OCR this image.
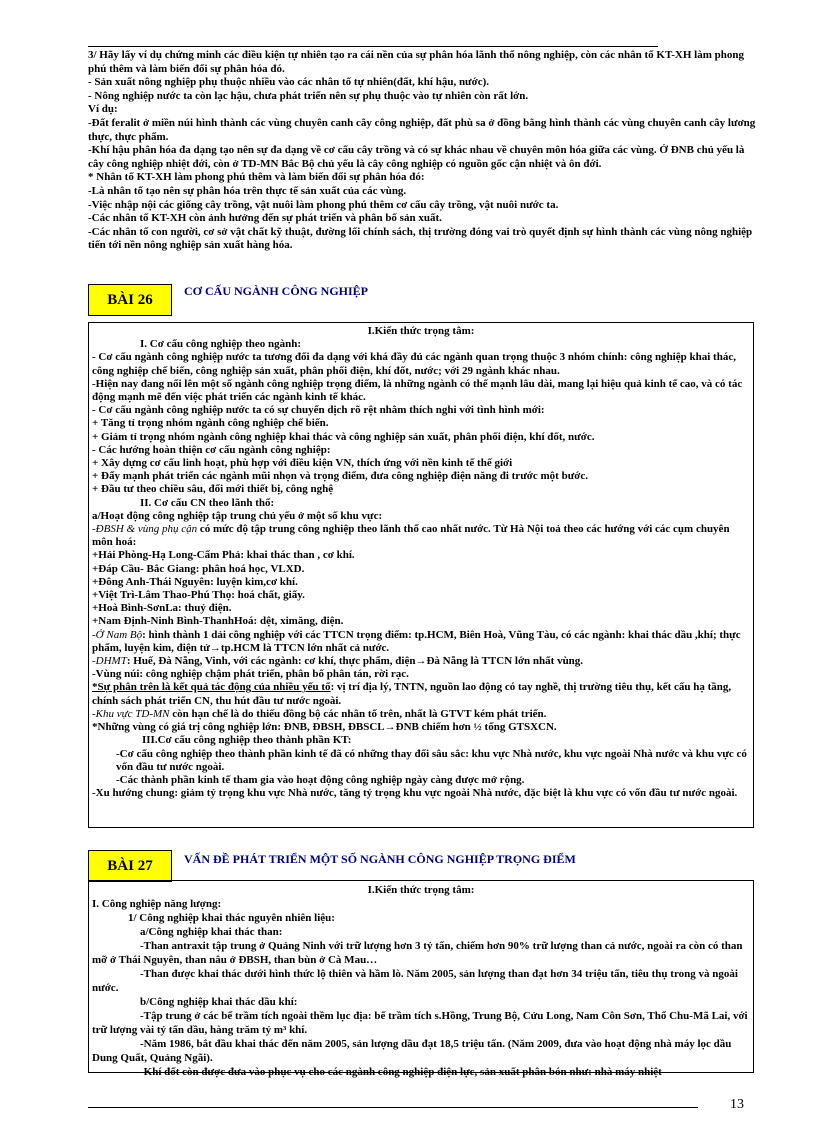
3/ Hãy lấy ví dụ chứng minh các điều kiện tự nhiên tạo ra cái nền của sự phân hóa lãnh thổ nông nghiệp, còn các nhân tố KT-XH làm phong phú thêm và làm biến đổi sự phân hóa đó.

- Sản xuất nông nghiệp phụ thuộc nhiều vào các nhân tố tự nhiên(đất, khí hậu, nước).

- Nông nghiệp nước ta còn lạc hậu, chưa phát triển nên sự phụ thuộc vào tự nhiên còn rất lớn.

Ví dụ:

-Đất feralit ở miền núi hình thành các vùng chuyên canh cây công nghiệp, đất phù sa ở đồng bằng hình thành các vùng chuyên canh cây lương thực, thực phẩm.

-Khí hậu phân hóa đa dạng tạo nên sự đa dạng về cơ cấu cây trồng và có sự khác nhau về chuyên môn hóa giữa các vùng. Ở ĐNB chủ yếu là cây công nghiệp nhiệt đới, còn ở TD-MN Bắc Bộ chủ yếu là cây công nghiệp có nguồn gốc cận nhiệt và ôn đới.

* Nhân tố KT-XH làm phong phú thêm và làm biến đổi sự phân hóa đó:

-Là nhân tố tạo nên sự phân hóa trên thực tế sản xuất của các vùng.

-Việc nhập nội các giống cây trồng, vật nuôi làm phong phú thêm cơ cấu cây trồng, vật nuôi nước ta.

-Các nhân tố KT-XH còn ảnh hưởng đến sự phát triển và phân bố sản xuất.

-Các nhân tố con người, cơ sở vật chất kỹ thuật, đường lối chính sách, thị trường đóng vai trò quyết định sự hình thành các vùng nông nghiệp tiến tới nền nông nghiệp sản xuất hàng hóa.

BÀI 26
CƠ CẤU NGÀNH CÔNG NGHIỆP

I.Kiến thức trọng tâm:

I. Cơ cấu công nghiệp theo ngành:

- Cơ cấu ngành công nghiệp nước ta tương đối đa dạng với khá đầy đủ các ngành quan trọng thuộc 3 nhóm chính: công nghiệp khai thác, công nghiệp chế biến, công nghiệp sản xuất, phân phối điện, khí đốt, nước; với 29 ngành khác nhau.

-Hiện nay đang nổi lên một số ngành công nghiệp trọng điểm, là những ngành có thế mạnh lâu dài, mang lại hiệu quả kinh tế cao, và có tác động mạnh mẽ đến việc phát triển các ngành kinh tế khác.

- Cơ cấu ngành công nghiệp nước ta có sự chuyển dịch rõ rệt nhằm thích nghi với tình hình mới:

+ Tăng tỉ trọng nhóm ngành công nghiệp chế biến.

+ Giảm tỉ trọng nhóm ngành công nghiệp khai thác và công nghiệp sản xuất, phân phối điện, khí đốt, nước.

- Các hướng hoàn thiện cơ cấu ngành công nghiệp:

+ Xây dựng cơ cấu linh hoạt, phù hợp với điều kiện VN, thích ứng với nền kinh tế thế giới

+ Đẩy mạnh phát triển các ngành mũi nhọn và trọng điểm, đưa công nghiệp điện năng đi trước một bước.

+ Đầu tư theo chiều sâu, đổi mới thiết bị, công nghệ

II. Cơ cấu CN theo lãnh thổ:

a/Hoạt động công nghiệp tập trung chủ yếu ở một số khu vực:

-ĐBSH & vùng phụ cận có mức độ tập trung công nghiệp theo lãnh thổ cao nhất nước. Từ Hà Nội toả theo các hướng với các cụm chuyên môn hoá:

+Hải Phòng-Hạ Long-Cẩm Phả: khai thác than , cơ khí.

+Đáp Cầu- Bắc Giang: phân hoá học, VLXD.

+Đông Anh-Thái Nguyên: luyện kim,cơ khí.

+Việt Trì-Lâm Thao-Phú Thọ: hoá chất, giấy.

+Hoà Bình-SơnLa: thuỷ điện.

+Nam Định-Ninh Bình-ThanhHoá: dệt, ximăng, điện.

-Ở Nam Bộ: hình thành 1 dải công nghiệp với các TTCN trọng điểm: tp.HCM, Biên Hoà, Vũng Tàu, có các ngành: khai thác dầu ,khí; thực phẩm, luyện kim, điện tử→tp.HCM là TTCN lớn nhất cả nước.

-DHMT: Huế, Đà Nẵng, Vinh, với các ngành: cơ khí, thực phẩm, điện→Đà Nẵng là TTCN lớn nhất vùng.

-Vùng núi: công nghiệp chậm phát triển, phân bố phân tán, rời rạc.

*Sự phân trên là kết quả tác động của nhiều yếu tố: vị trí địa lý, TNTN, nguồn lao động có tay nghề, thị trường tiêu thụ, kết cấu hạ tầng, chính sách phát triển CN, thu hút đầu tư nước ngoài.

-Khu vực TD-MN còn hạn chế là do thiếu đồng bộ các nhân tố trên, nhất là GTVT kém phát triển.

*Những vùng có giá trị công nghiệp lớn: ĐNB, ĐBSH, ĐBSCL→ĐNB chiếm hơn ½ tổng GTSXCN.

III.Cơ cấu công nghiệp theo thành phần KT:

-Cơ cấu công nghiệp theo thành phần kinh tế đã có những thay đổi sâu sắc: khu vực Nhà nước, khu vực ngoài Nhà nước và khu vực có vốn đầu tư nước ngoài.

-Các thành phần kinh tế tham gia vào hoạt động công nghiệp ngày càng được mở rộng.

-Xu hướng chung: giảm tỷ trọng khu vực Nhà nước, tăng tỷ trọng khu vực ngoài Nhà nước, đặc biệt là khu vực có vốn đầu tư nước ngoài.

BÀI 27	VẤN ĐỀ PHÁT TRIỂN MỘT SỐ NGÀNH CÔNG NGHIỆP TRỌNG ĐIỂM

I.Kiến thức trọng tâm:

I. Công nghiệp năng lượng:

1/ Công nghiệp khai thác nguyên nhiên liệu:

a/Công nghiệp khai thác than:

-Than antraxit tập trung ở Quảng Ninh với trữ lượng hơn 3 tỷ tấn, chiếm hơn 90% trữ lượng than cả nước, ngoài ra còn có than mỡ ở Thái Nguyên, than nâu ở ĐBSH, than bùn ở Cà Mau…

-Than được khai thác dưới hình thức lộ thiên và hầm lò. Năm 2005, sản lượng than đạt hơn 34 triệu tấn, tiêu thụ trong và ngoài nước.

b/Công nghiệp khai thác dầu khí:

-Tập trung ở các bể trầm tích ngoài thềm lục địa: bể trầm tích s.Hồng, Trung Bộ, Cửu Long, Nam Côn Sơn, Thổ Chu-Mã Lai, với trữ lượng vài tỷ tấn dầu, hàng trăm tỷ m³ khí.

-Năm 1986, bắt đầu khai thác đến năm 2005, sản lượng dầu đạt 18,5 triệu tấn. (Năm 2009, đưa vào hoạt động nhà máy lọc dầu Dung Quất, Quảng Ngãi).

-Khí đốt còn được đưa vào phục vụ cho các ngành công nghiệp điện lực, sản xuất phân bón như: nhà máy nhiệt

13
